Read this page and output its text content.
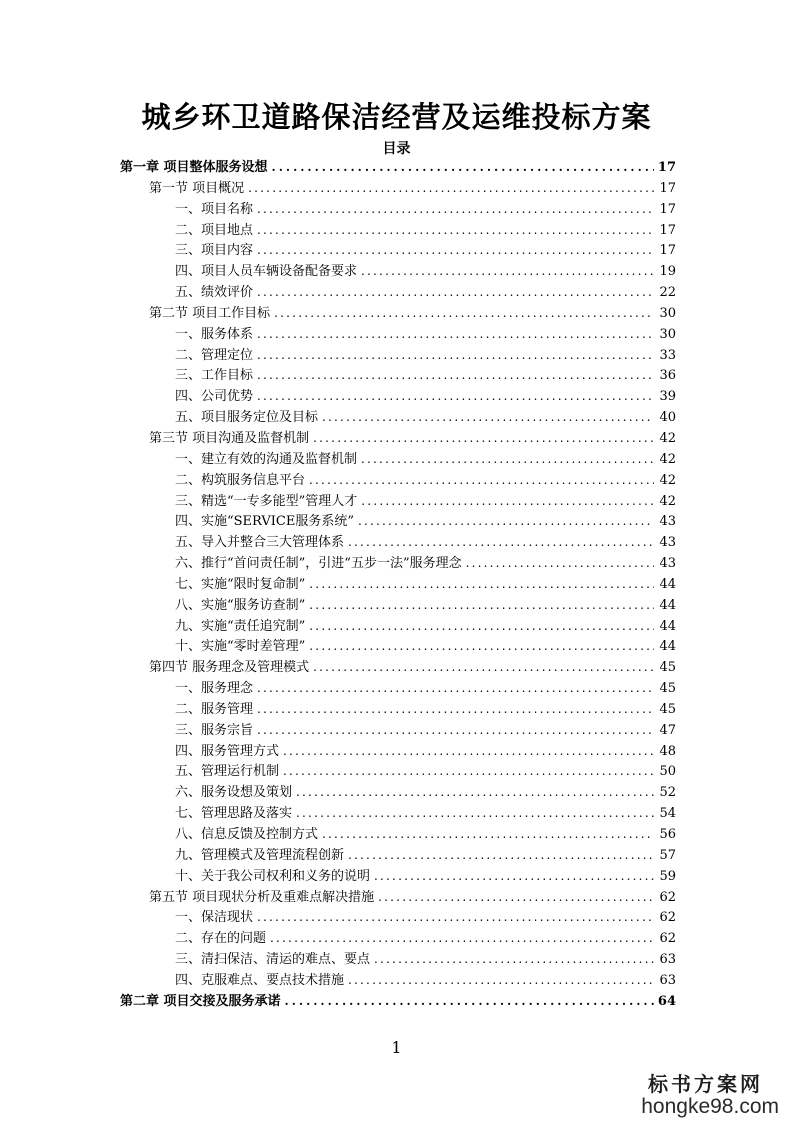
城乡环卫道路保洁经营及运维投标方案
目录
第一章 项目整体服务设想 .....	17
第一节 项目概况 .....	17
一、项目名称 .....	17
二、项目地点 .....	17
三、项目内容 .....	17
四、项目人员车辆设备配备要求 .....	19
五、绩效评价 .....	22
第二节 项目工作目标 .....	30
一、服务体系 .....	30
二、管理定位 .....	33
三、工作目标 .....	36
四、公司优势 .....	39
五、项目服务定位及目标 .....	40
第三节 项目沟通及监督机制 .....	42
一、建立有效的沟通及监督机制 .....	42
二、构筑服务信息平台 .....	42
三、精选“一专多能型”管理人才 .....	42
四、实施“SERVICE服务系统” .....	43
五、导入并整合三大管理体系 .....	43
六、推行“首问责任制”，引进“五步一法”服务理念 .....	43
七、实施“限时复命制” .....	44
八、实施“服务访查制” .....	44
九、实施“责任追究制” .....	44
十、实施“零时差管理” .....	44
第四节 服务理念及管理模式 .....	45
一、服务理念 .....	45
二、服务管理 .....	45
三、服务宗旨 .....	47
四、服务管理方式 .....	48
五、管理运行机制 .....	50
六、服务设想及策划 .....	52
七、管理思路及落实 .....	54
八、信息反馈及控制方式 .....	56
九、管理模式及管理流程创新 .....	57
十、关于我公司权利和义务的说明 .....	59
第五节 项目现状分析及重难点解决措施 .....	62
一、保洁现状 .....	62
二、存在的问题 .....	62
三、清扫保洁、清运的难点、要点 .....	63
四、克服难点、要点技术措施 .....	63
第二章 项目交接及服务承诺 .....	64
1
标书方案网
hongke98.com
